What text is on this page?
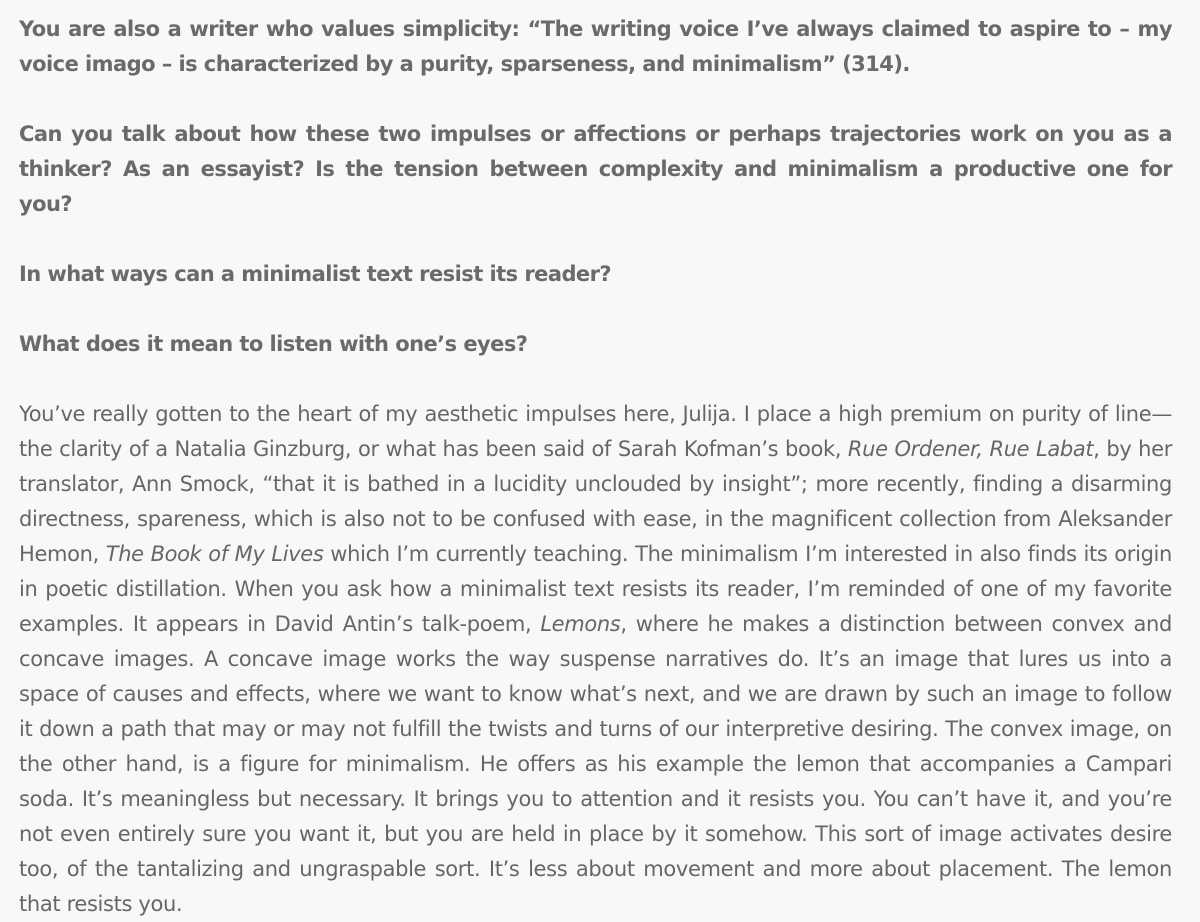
You are also a writer who values simplicity: “The writing voice I’ve always claimed to aspire to – my voice imago – is characterized by a purity, sparseness, and minimalism” (314).

Can you talk about how these two impulses or affections or perhaps trajectories work on you as a thinker? As an essayist? Is the tension between complexity and minimalism a productive one for you?

In what ways can a minimalist text resist its reader?

What does it mean to listen with one’s eyes?

You’ve really gotten to the heart of my aesthetic impulses here, Julija. I place a high premium on purity of line—the clarity of a Natalia Ginzburg, or what has been said of Sarah Kofman’s book, Rue Ordener, Rue Labat, by her translator, Ann Smock, “that it is bathed in a lucidity unclouded by insight”; more recently, finding a disarming directness, spareness, which is also not to be confused with ease, in the magnificent collection from Aleksander Hemon, The Book of My Lives which I’m currently teaching. The minimalism I’m interested in also finds its origin in poetic distillation. When you ask how a minimalist text resists its reader, I’m reminded of one of my favorite examples. It appears in David Antin’s talk-poem, Lemons, where he makes a distinction between convex and concave images. A concave image works the way suspense narratives do. It’s an image that lures us into a space of causes and effects, where we want to know what’s next, and we are drawn by such an image to follow it down a path that may or may not fulfill the twists and turns of our interpretive desiring. The convex image, on the other hand, is a figure for minimalism. He offers as his example the lemon that accompanies a Campari soda. It’s meaningless but necessary. It brings you to attention and it resists you. You can’t have it, and you’re not even entirely sure you want it, but you are held in place by it somehow. This sort of image activates desire too, of the tantalizing and ungraspable sort. It’s less about movement and more about placement. The lemon that resists you.
